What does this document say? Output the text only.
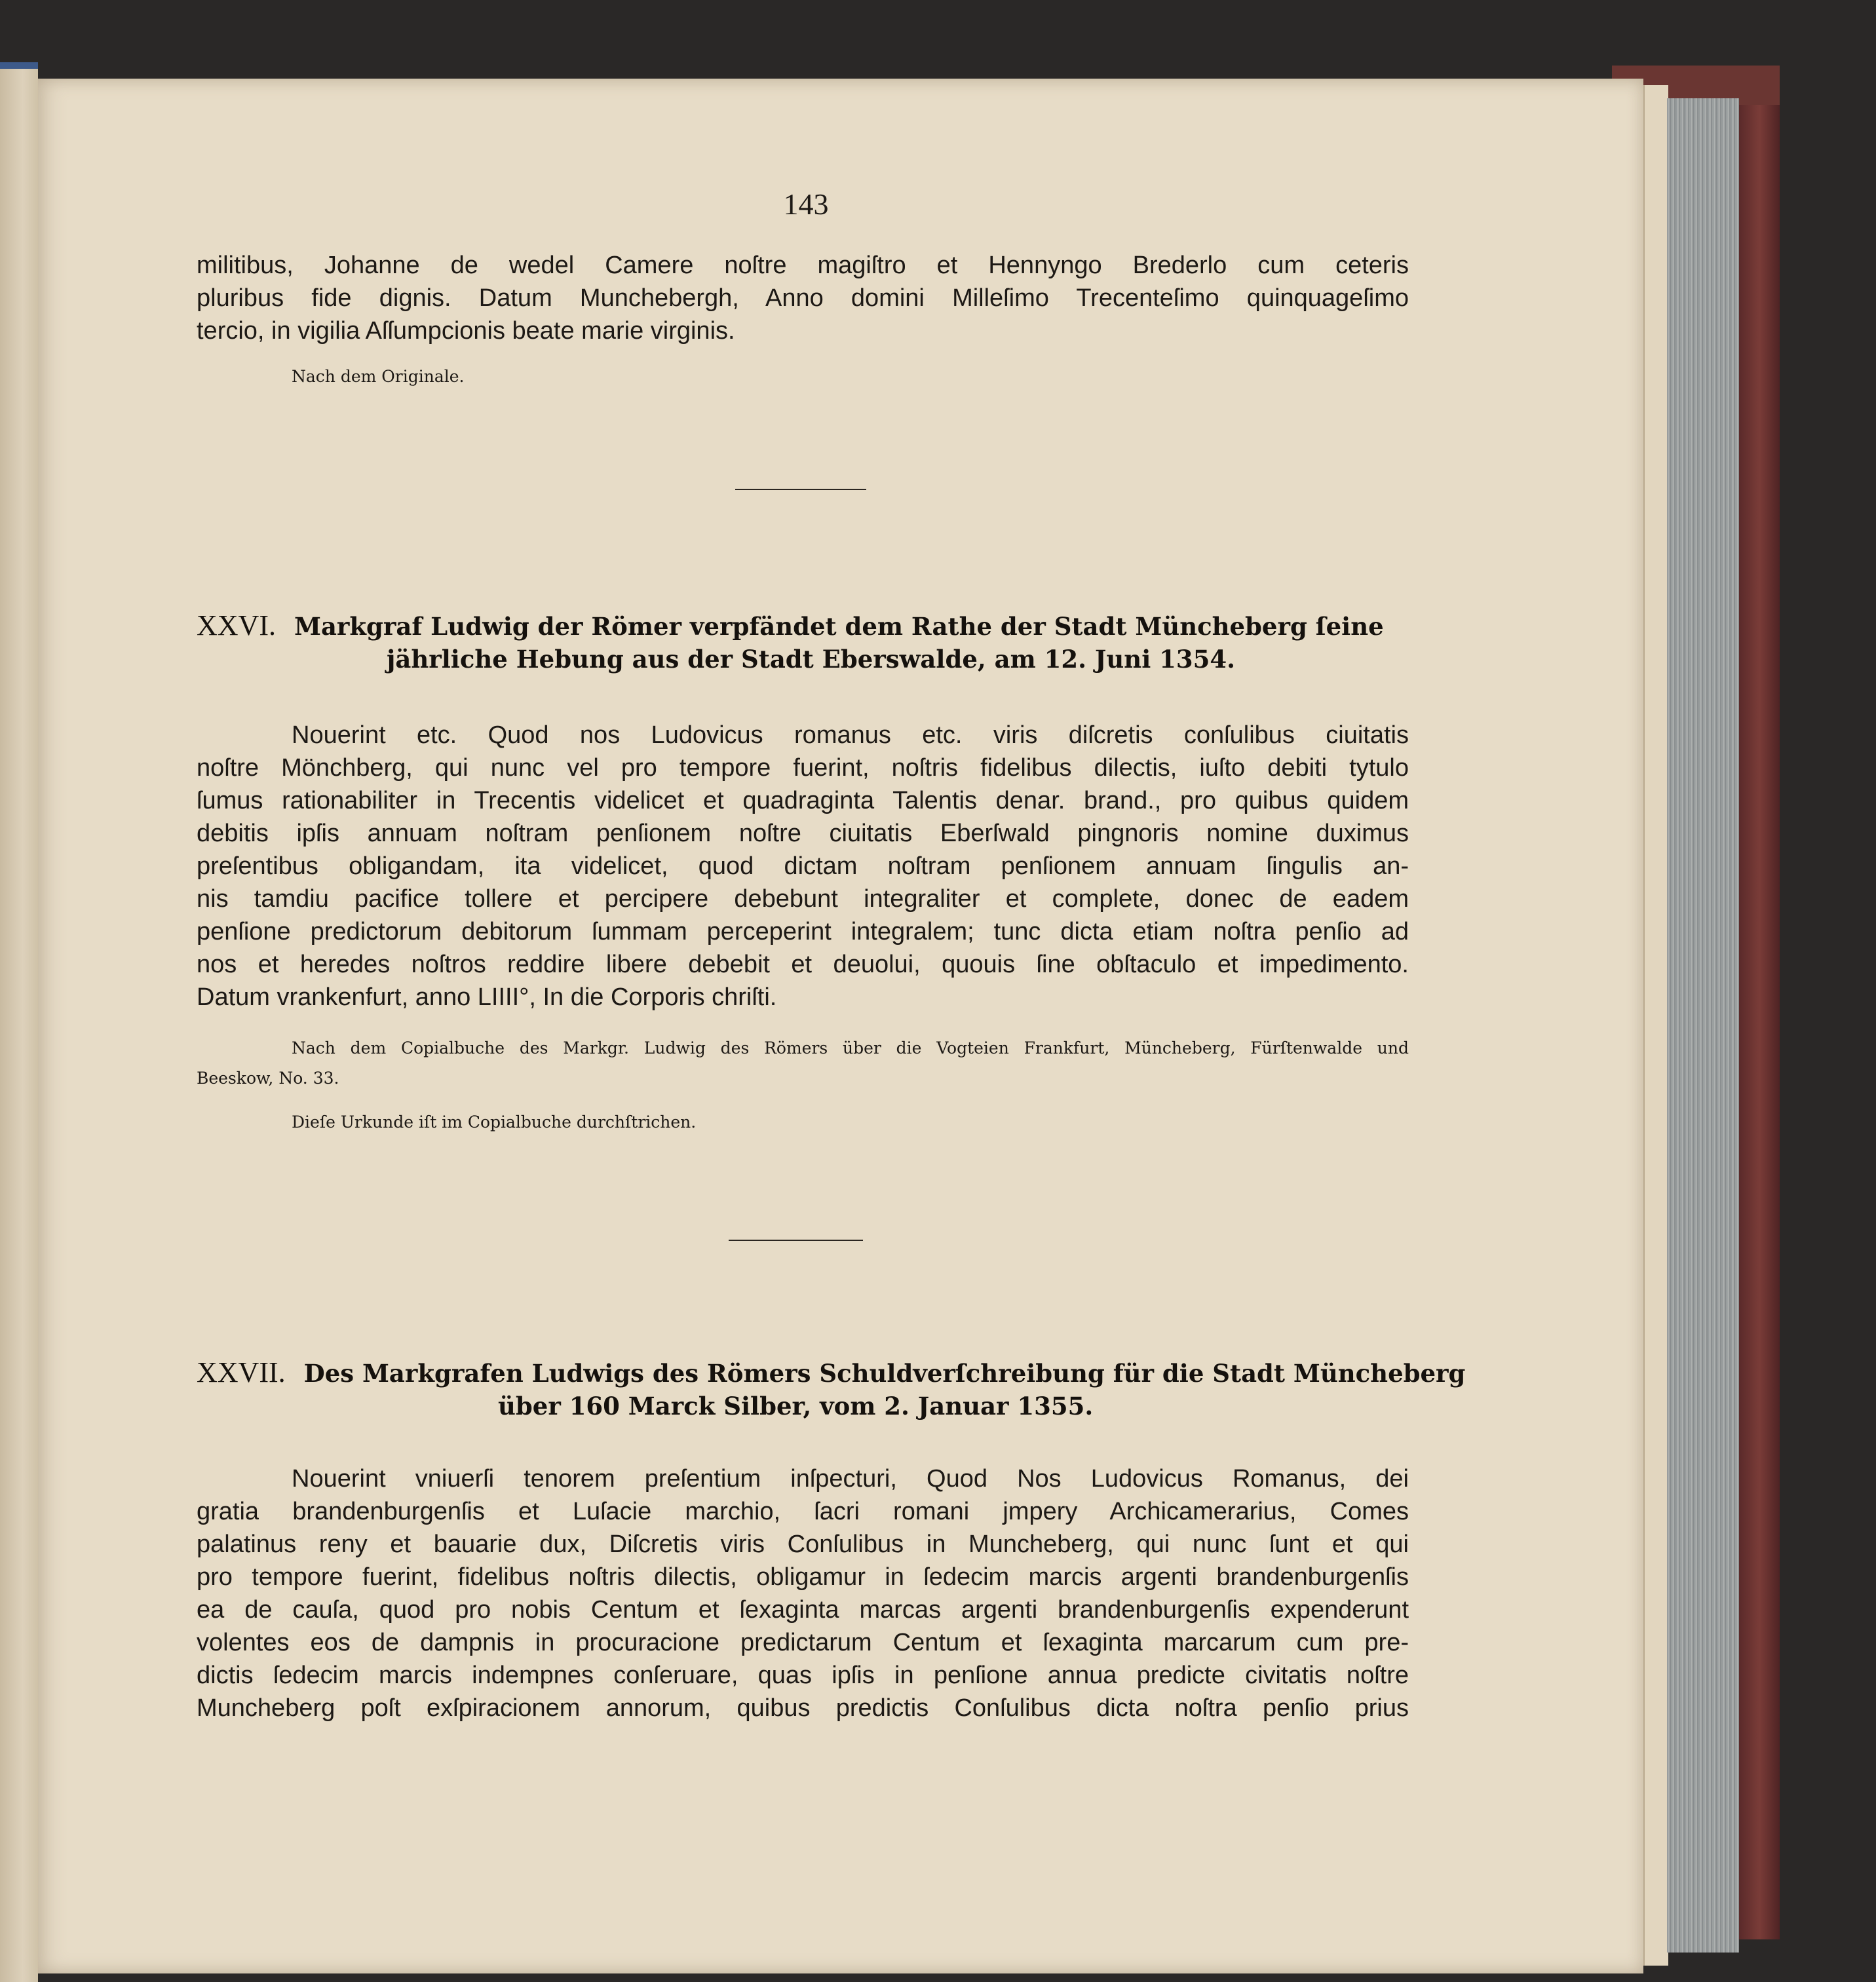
143
militibus, Johanne de wedel Camere noſtre magiſtro et Hennyngo Brederlo cum ceteris
pluribus fide dignis. Datum Munchebergh, Anno domini Milleſimo Trecenteſimo quinquageſimo
tercio, in vigilia Aſſumpcionis beate marie virginis.
Nach dem Originale.
XXVI. Markgraf Ludwig der Römer verpfändet dem Rathe der Stadt Müncheberg ſeine
jährliche Hebung aus der Stadt Eberswalde, am 12. Juni 1354.
Nouerint etc. Quod nos Ludovicus romanus etc. viris diſcretis conſulibus ciuitatis
noſtre Mönchberg, qui nunc vel pro tempore fuerint, noſtris fidelibus dilectis, iuſto debiti tytulo
ſumus rationabiliter in Trecentis videlicet et quadraginta Talentis denar. brand., pro quibus quidem
debitis ipſis annuam noſtram penſionem noſtre ciuitatis Eberſwald pingnoris nomine duximus
preſentibus obligandam, ita videlicet, quod dictam noſtram penſionem annuam ſingulis an-
nis tamdiu pacifice tollere et percipere debebunt integraliter et complete, donec de eadem
penſione predictorum debitorum ſummam perceperint integralem; tunc dicta etiam noſtra penſio ad
nos et heredes noſtros reddire libere debebit et deuolui, quouis ſine obſtaculo et impedimento.
Datum vrankenfurt, anno LIIII°, In die Corporis chriſti.
Nach dem Copialbuche des Markgr. Ludwig des Römers über die Vogteien Frankfurt, Müncheberg, Fürſtenwalde und
Beeskow, No. 33.
Dieſe Urkunde iſt im Copialbuche durchſtrichen.
XXVII. Des Markgrafen Ludwigs des Römers Schuldverſchreibung für die Stadt Müncheberg
über 160 Marck Silber, vom 2. Januar 1355.
Nouerint vniuerſi tenorem preſentium inſpecturi, Quod Nos Ludovicus Romanus, dei
gratia brandenburgenſis et Luſacie marchio, ſacri romani jmpery Archicamerarius, Comes
palatinus reny et bauarie dux, Diſcretis viris Conſulibus in Muncheberg, qui nunc ſunt et qui
pro tempore fuerint, fidelibus noſtris dilectis, obligamur in ſedecim marcis argenti brandenburgenſis
ea de cauſa, quod pro nobis Centum et ſexaginta marcas argenti brandenburgenſis expenderunt
volentes eos de dampnis in procuracione predictarum Centum et ſexaginta marcarum cum pre-
dictis ſedecim marcis indempnes conſeruare, quas ipſis in penſione annua predicte civitatis noſtre
Muncheberg poſt exſpiracionem annorum, quibus predictis Conſulibus dicta noſtra penſio prius
